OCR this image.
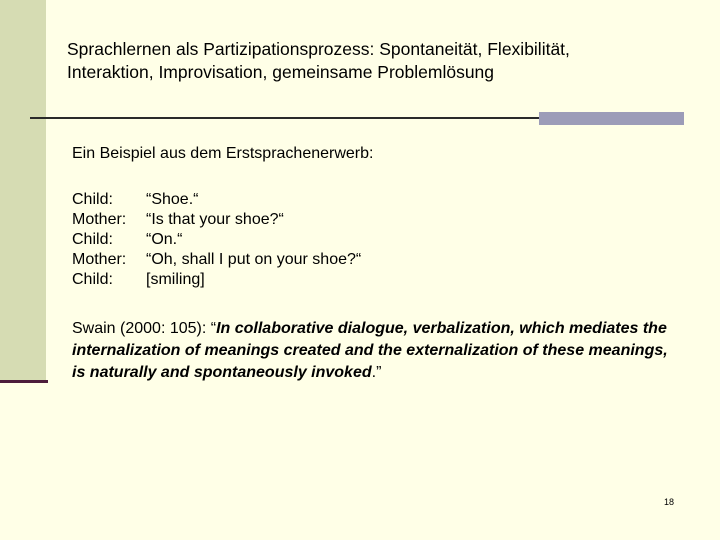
Sprachlernen als Partizipationsprozess: Spontaneität, Flexibilität,
Interaktion, Improvisation, gemeinsame Problemlösung
Ein Beispiel aus dem Erstsprachenerwerb:
Child:	“Shoe.“
Mother:	“Is that your shoe?“
Child:	“On.“
Mother:	“Oh, shall I put on your shoe?“
Child:	[smiling]
Swain (2000: 105): “In collaborative dialogue, verbalization, which mediates the internalization of meanings created and the externalization of these meanings, is naturally and spontaneously invoked.”
18
